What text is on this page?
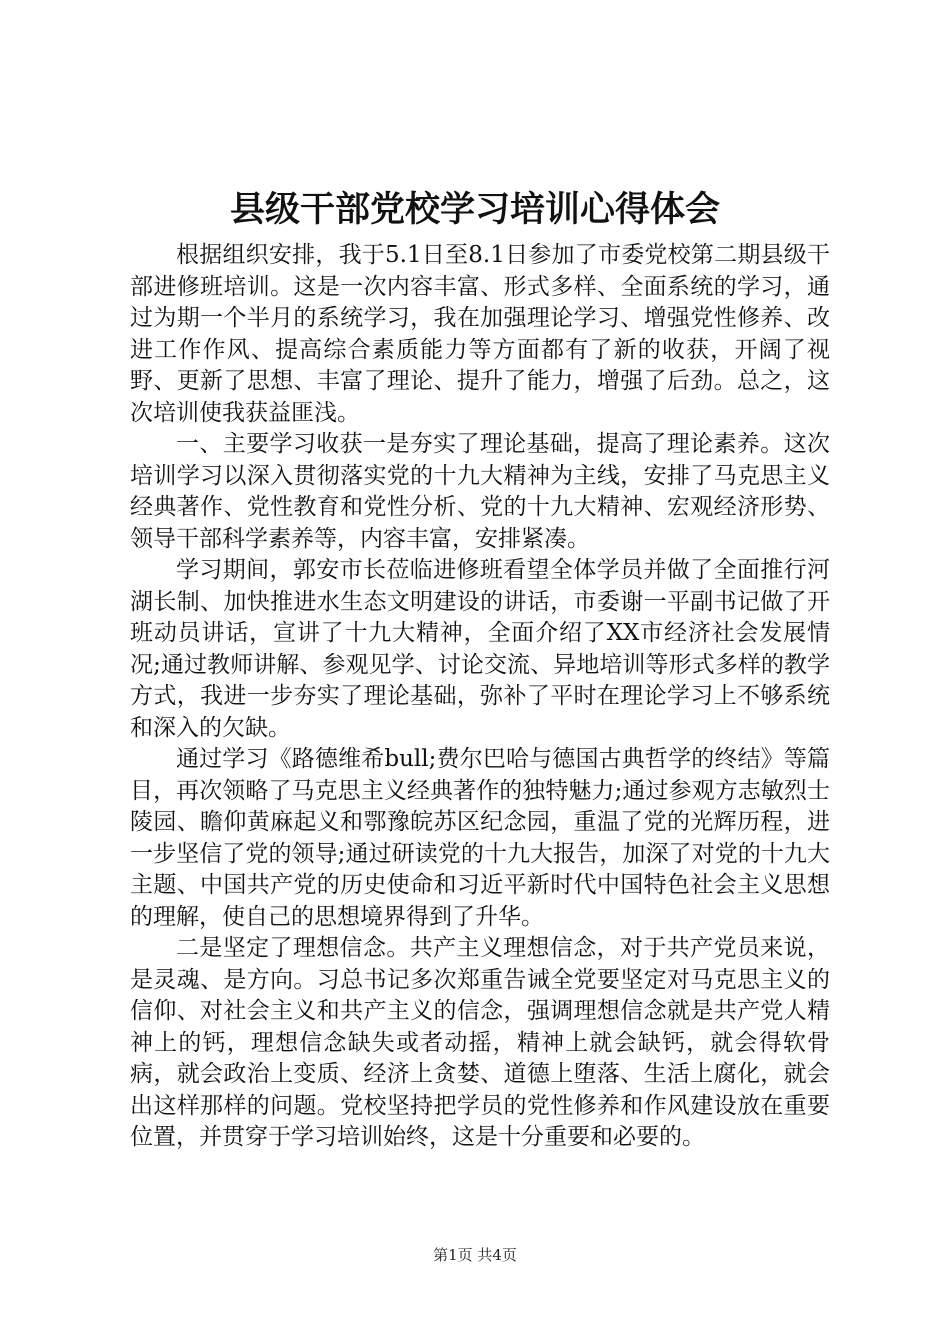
县级干部党校学习培训心得体会

根据组织安排，我于5.1日至8.1日参加了市委党校第二期县级干部进修班培训。这是一次内容丰富、形式多样、全面系统的学习，通过为期一个半月的系统学习，我在加强理论学习、增强党性修养、改进工作作风、提高综合素质能力等方面都有了新的收获，开阔了视野、更新了思想、丰富了理论、提升了能力，增强了后劲。总之，这次培训使我获益匪浅。

一、主要学习收获一是夯实了理论基础，提高了理论素养。这次培训学习以深入贯彻落实党的十九大精神为主线，安排了马克思主义经典著作、党性教育和党性分析、党的十九大精神、宏观经济形势、领导干部科学素养等，内容丰富，安排紧凑。

学习期间，郭安市长莅临进修班看望全体学员并做了全面推行河湖长制、加快推进水生态文明建设的讲话，市委谢一平副书记做了开班动员讲话，宣讲了十九大精神，全面介绍了XX市经济社会发展情况;通过教师讲解、参观见学、讨论交流、异地培训等形式多样的教学方式，我进一步夯实了理论基础，弥补了平时在理论学习上不够系统和深入的欠缺。

通过学习《路德维希bull;费尔巴哈与德国古典哲学的终结》等篇目，再次领略了马克思主义经典著作的独特魅力;通过参观方志敏烈士陵园、瞻仰黄麻起义和鄂豫皖苏区纪念园，重温了党的光辉历程，进一步坚信了党的领导;通过研读党的十九大报告，加深了对党的十九大主题、中国共产党的历史使命和习近平新时代中国特色社会主义思想的理解，使自己的思想境界得到了升华。

二是坚定了理想信念。共产主义理想信念，对于共产党员来说，是灵魂、是方向。习总书记多次郑重告诫全党要坚定对马克思主义的信仰、对社会主义和共产主义的信念，强调理想信念就是共产党人精神上的钙，理想信念缺失或者动摇，精神上就会缺钙，就会得软骨病，就会政治上变质、经济上贪婪、道德上堕落、生活上腐化，就会出这样那样的问题。党校坚持把学员的党性修养和作风建设放在重要位置，并贯穿于学习培训始终，这是十分重要和必要的。

第1页 共4页
